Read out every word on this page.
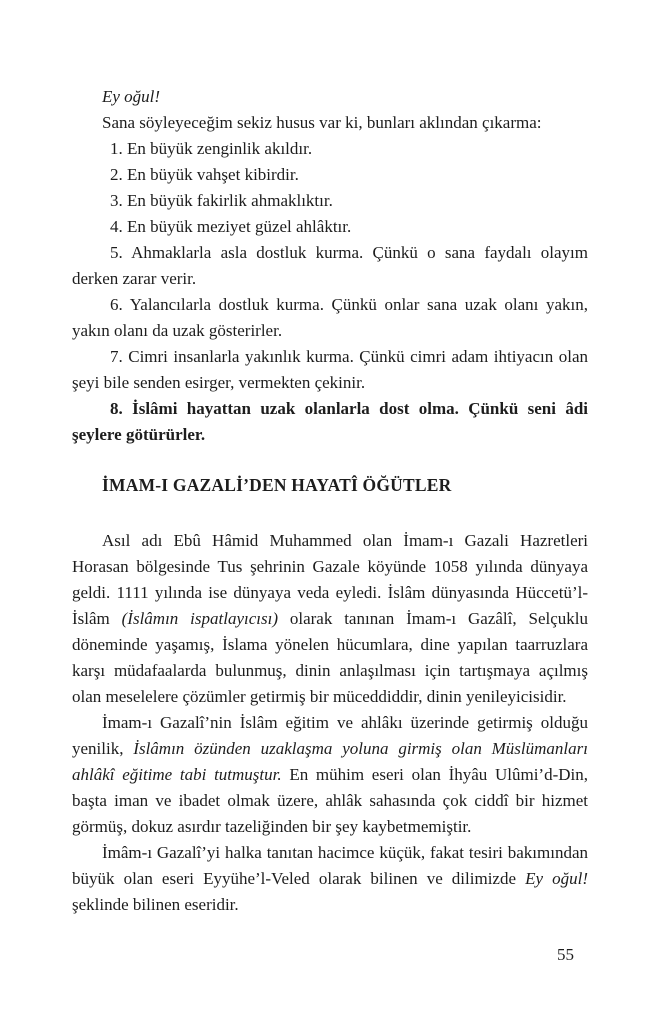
Ey oğul!

Sana söyleyeceğim sekiz husus var ki, bunları aklından çıkarma:

1. En büyük zenginlik akıldır.

2. En büyük vahşet kibirdir.

3. En büyük fakirlik ahmaklıktır.

4. En büyük meziyet güzel ahlâktır.

5. Ahmaklarla asla dostluk kurma. Çünkü o sana faydalı olayım derken zarar verir.

6. Yalancılarla dostluk kurma. Çünkü onlar sana uzak olanı yakın, yakın olanı da uzak gösterirler.

7. Cimri insanlarla yakınlık kurma. Çünkü cimri adam ihtiyacın olan şeyi bile senden esirger, vermekten çekinir.

8. İslâmi hayattan uzak olanlarla dost olma. Çünkü seni âdi şeylere götürürler.

İMAM-I GAZALİ’DEN HAYATÎ ÖĞÜTLER

Asıl adı Ebû Hâmid Muhammed olan İmam-ı Gazali Hazretleri Horasan bölgesinde Tus şehrinin Gazale köyünde 1058 yılında dünyaya geldi. 1111 yılında ise dünyaya veda eyledi. İslâm dünyasında Hüccetü’l-İslâm (İslâmın ispatlayıcısı) olarak tanınan İmam-ı Gazâlî, Selçuklu döneminde yaşamış, İslama yönelen hücumlara, dine yapılan taarruzlara karşı müdafaalarda bulunmuş, dinin anlaşılması için tartışmaya açılmış olan meselelere çözümler getirmiş bir müceddiddir, dinin yenileyicisidir.

İmam-ı Gazalî’nin İslâm eğitim ve ahlâkı üzerinde getirmiş olduğu yenilik, İslâmın özünden uzaklaşma yoluna girmiş olan Müslümanları ahlâkî eğitime tabi tutmuştur. En mühim eseri olan İhyâu Ulûmi’d-Din, başta iman ve ibadet olmak üzere, ahlâk sahasında çok ciddî bir hizmet görmüş, dokuz asırdır tazeliğinden bir şey kaybetmemiştir.

İmâm-ı Gazalî’yi halka tanıtan hacimce küçük, fakat tesiri bakımından büyük olan eseri Eyyühe’l-Veled olarak bilinen ve dilimizde Ey oğul! şeklinde bilinen eseridir.

55
